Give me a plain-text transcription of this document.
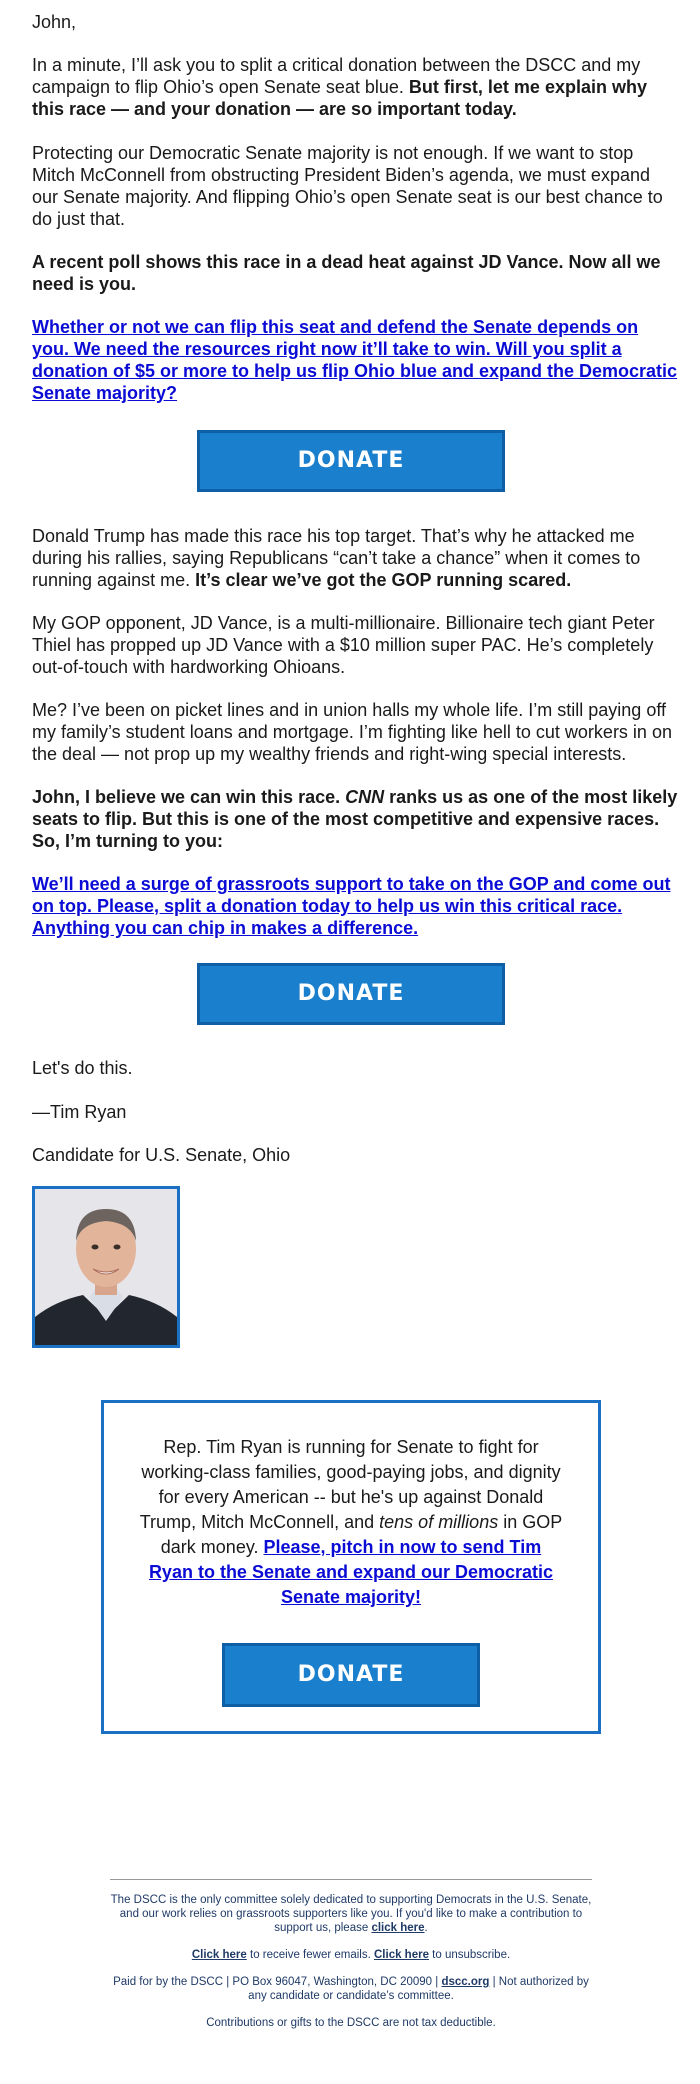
John,

In a minute, I’ll ask you to split a critical donation between the DSCC and my campaign to flip Ohio’s open Senate seat blue. But first, let me explain why this race — and your donation — are so important today.

Protecting our Democratic Senate majority is not enough. If we want to stop Mitch McConnell from obstructing President Biden’s agenda, we must expand our Senate majority. And flipping Ohio’s open Senate seat is our best chance to do just that.

A recent poll shows this race in a dead heat against JD Vance. Now all we need is you.

Whether or not we can flip this seat and defend the Senate depends on you. We need the resources right now it’ll take to win. Will you split a donation of $5 or more to help us flip Ohio blue and expand the Democratic Senate majority?

Donald Trump has made this race his top target. That’s why he attacked me during his rallies, saying Republicans “can’t take a chance” when it comes to running against me. It’s clear we’ve got the GOP running scared.

My GOP opponent, JD Vance, is a multi-millionaire. Billionaire tech giant Peter Thiel has propped up JD Vance with a $10 million super PAC. He’s completely out-of-touch with hardworking Ohioans.

Me? I’ve been on picket lines and in union halls my whole life. I’m still paying off my family’s student loans and mortgage. I’m fighting like hell to cut workers in on the deal — not prop up my wealthy friends and right-wing special interests.

John, I believe we can win this race. CNN ranks us as one of the most likely seats to flip. But this is one of the most competitive and expensive races. So, I’m turning to you:

We’ll need a surge of grassroots support to take on the GOP and come out on top. Please, split a donation today to help us win this critical race. Anything you can chip in makes a difference.

Let's do this.

—Tim Ryan

Candidate for U.S. Senate, Ohio

DONATE
DONATE

Rep. Tim Ryan is running for Senate to fight for working-class families, good-paying jobs, and dignity for every American -- but he's up against Donald Trump, Mitch McConnell, and tens of millions in GOP dark money. Please, pitch in now to send Tim Ryan to the Senate and expand our Democratic Senate majority!

DONATE

The DSCC is the only committee solely dedicated to supporting Democrats in the U.S. Senate, and our work relies on grassroots supporters like you. If you'd like to make a contribution to support us, please click here.

Click here to receive fewer emails. Click here to unsubscribe.

Paid for by the DSCC | PO Box 96047, Washington, DC 20090 | dscc.org | Not authorized by any candidate or candidate’s committee.

Contributions or gifts to the DSCC are not tax deductible.
